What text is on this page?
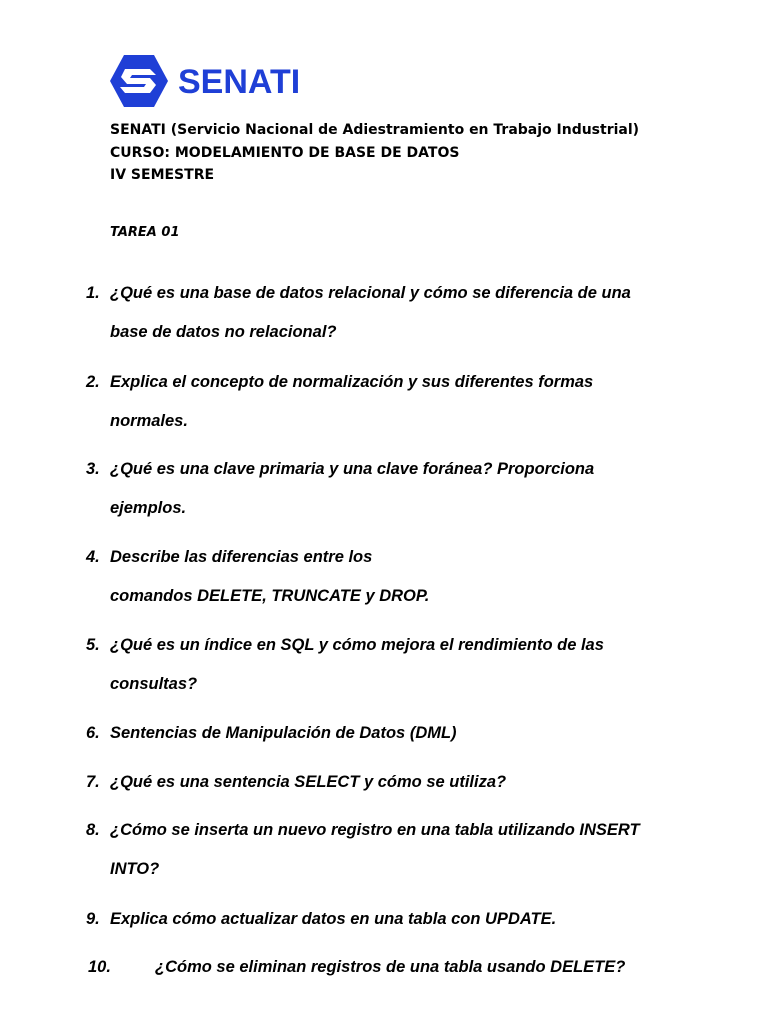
SENATI
SENATI (Servicio Nacional de Adiestramiento en Trabajo Industrial)
CURSO: MODELAMIENTO DE BASE DE DATOS
IV SEMESTRE
TAREA 01
1. ¿Qué es una base de datos relacional y cómo se diferencia de una
base de datos no relacional?
2. Explica el concepto de normalización y sus diferentes formas
normales.
3. ¿Qué es una clave primaria y una clave foránea? Proporciona
ejemplos.
4. Describe las diferencias entre los
comandos DELETE, TRUNCATE y DROP.
5. ¿Qué es un índice en SQL y cómo mejora el rendimiento de las
consultas?
6. Sentencias de Manipulación de Datos (DML)
7. ¿Qué es una sentencia SELECT y cómo se utiliza?
8. ¿Cómo se inserta un nuevo registro en una tabla utilizando INSERT
INTO?
9. Explica cómo actualizar datos en una tabla con UPDATE.
10.	¿Cómo se eliminan registros de una tabla usando DELETE?
